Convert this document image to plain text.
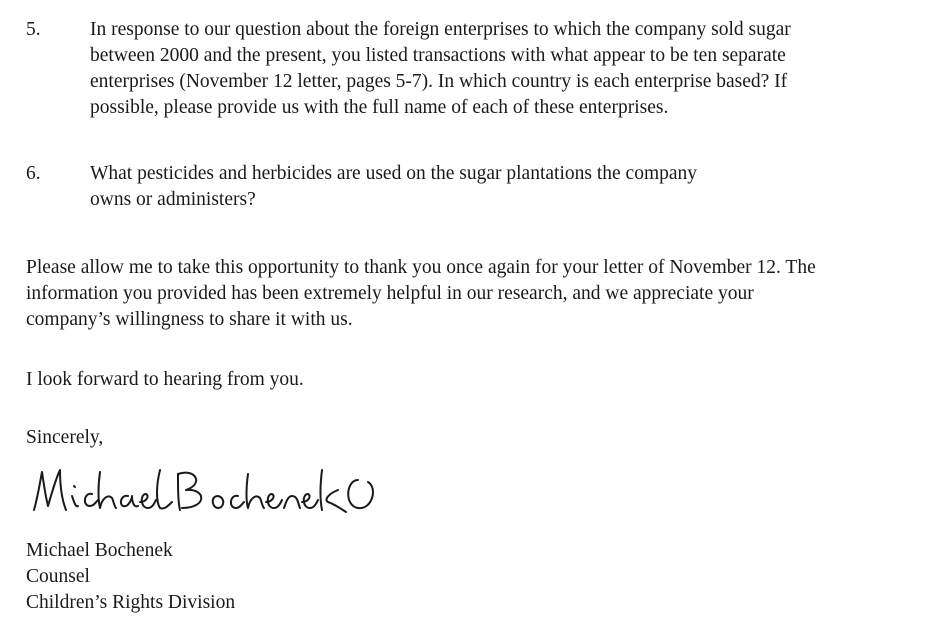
5.	In response to our question about the foreign enterprises to which the company sold sugar
between 2000 and the present, you listed transactions with what appear to be ten separate
enterprises (November 12 letter, pages 5-7). In which country is each enterprise based? If
possible, please provide us with the full name of each of these enterprises.
6.	What pesticides and herbicides are used on the sugar plantations the company
owns or administers?
Please allow me to take this opportunity to thank you once again for your letter of November 12. The
information you provided has been extremely helpful in our research, and we appreciate your
company’s willingness to share it with us.
I look forward to hearing from you.
Sincerely,
Michael Bochenek
Counsel
Children’s Rights Division
